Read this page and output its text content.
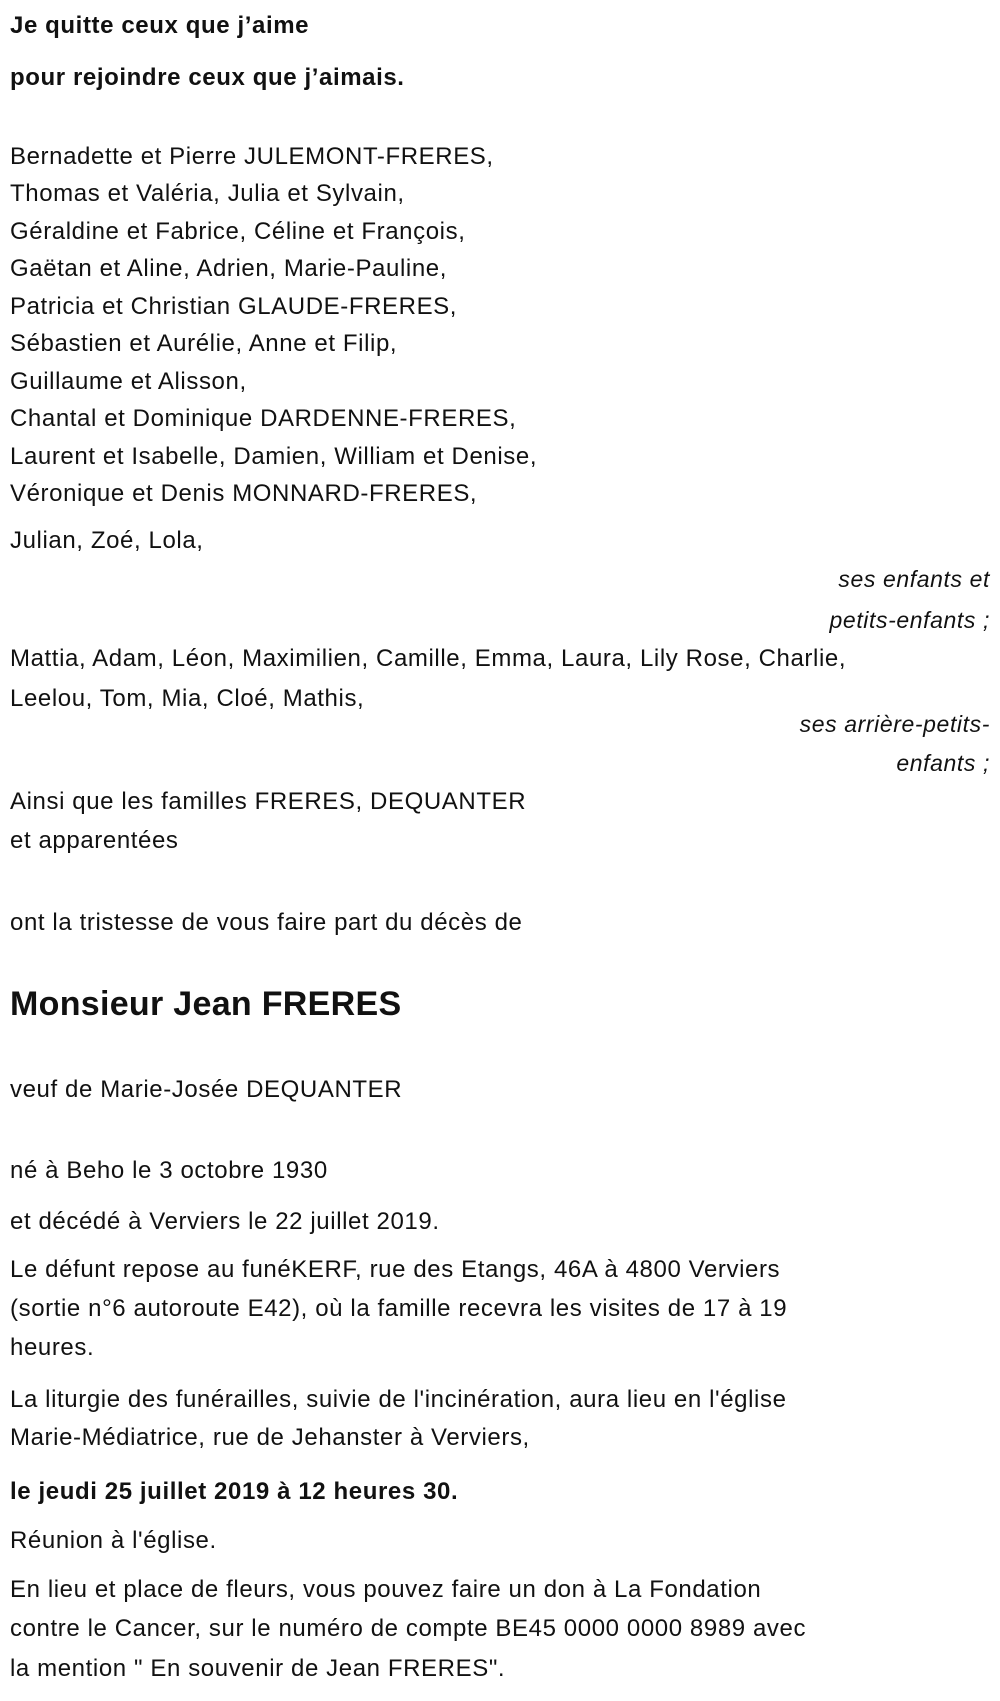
Je quitte ceux que j’aime
pour rejoindre ceux que j’aimais.
Bernadette et Pierre JULEMONT-FRERES,
Thomas et Valéria, Julia et Sylvain,
Géraldine et Fabrice, Céline et François,
Gaëtan et Aline, Adrien, Marie-Pauline,
Patricia et Christian GLAUDE-FRERES,
Sébastien et Aurélie, Anne et Filip,
Guillaume et Alisson,
Chantal et Dominique DARDENNE-FRERES,
Laurent et Isabelle, Damien, William et Denise,
Véronique et Denis MONNARD-FRERES,
Julian, Zoé, Lola,
ses enfants et
petits-enfants ;
Mattia, Adam, Léon, Maximilien, Camille, Emma, Laura, Lily Rose, Charlie,
Leelou, Tom, Mia, Cloé, Mathis,
ses arrière-petits-
enfants ;
Ainsi que les familles FRERES, DEQUANTER
et apparentées
ont la tristesse de vous faire part du décès de
Monsieur Jean FRERES
veuf de Marie-Josée DEQUANTER
né à Beho le 3 octobre 1930
et décédé à Verviers le 22 juillet 2019.
Le défunt repose au funéKERF, rue des Etangs, 46A à 4800 Verviers
(sortie n°6 autoroute E42), où la famille recevra les visites de 17 à 19
heures.
La liturgie des funérailles, suivie de l'incinération, aura lieu en l'église
Marie-Médiatrice, rue de Jehanster à Verviers,
le jeudi 25 juillet 2019 à 12 heures 30.
Réunion à l'église.
En lieu et place de fleurs, vous pouvez faire un don à La Fondation
contre le Cancer, sur le numéro de compte BE45 0000 0000 8989 avec
la mention " En souvenir de Jean FRERES".
